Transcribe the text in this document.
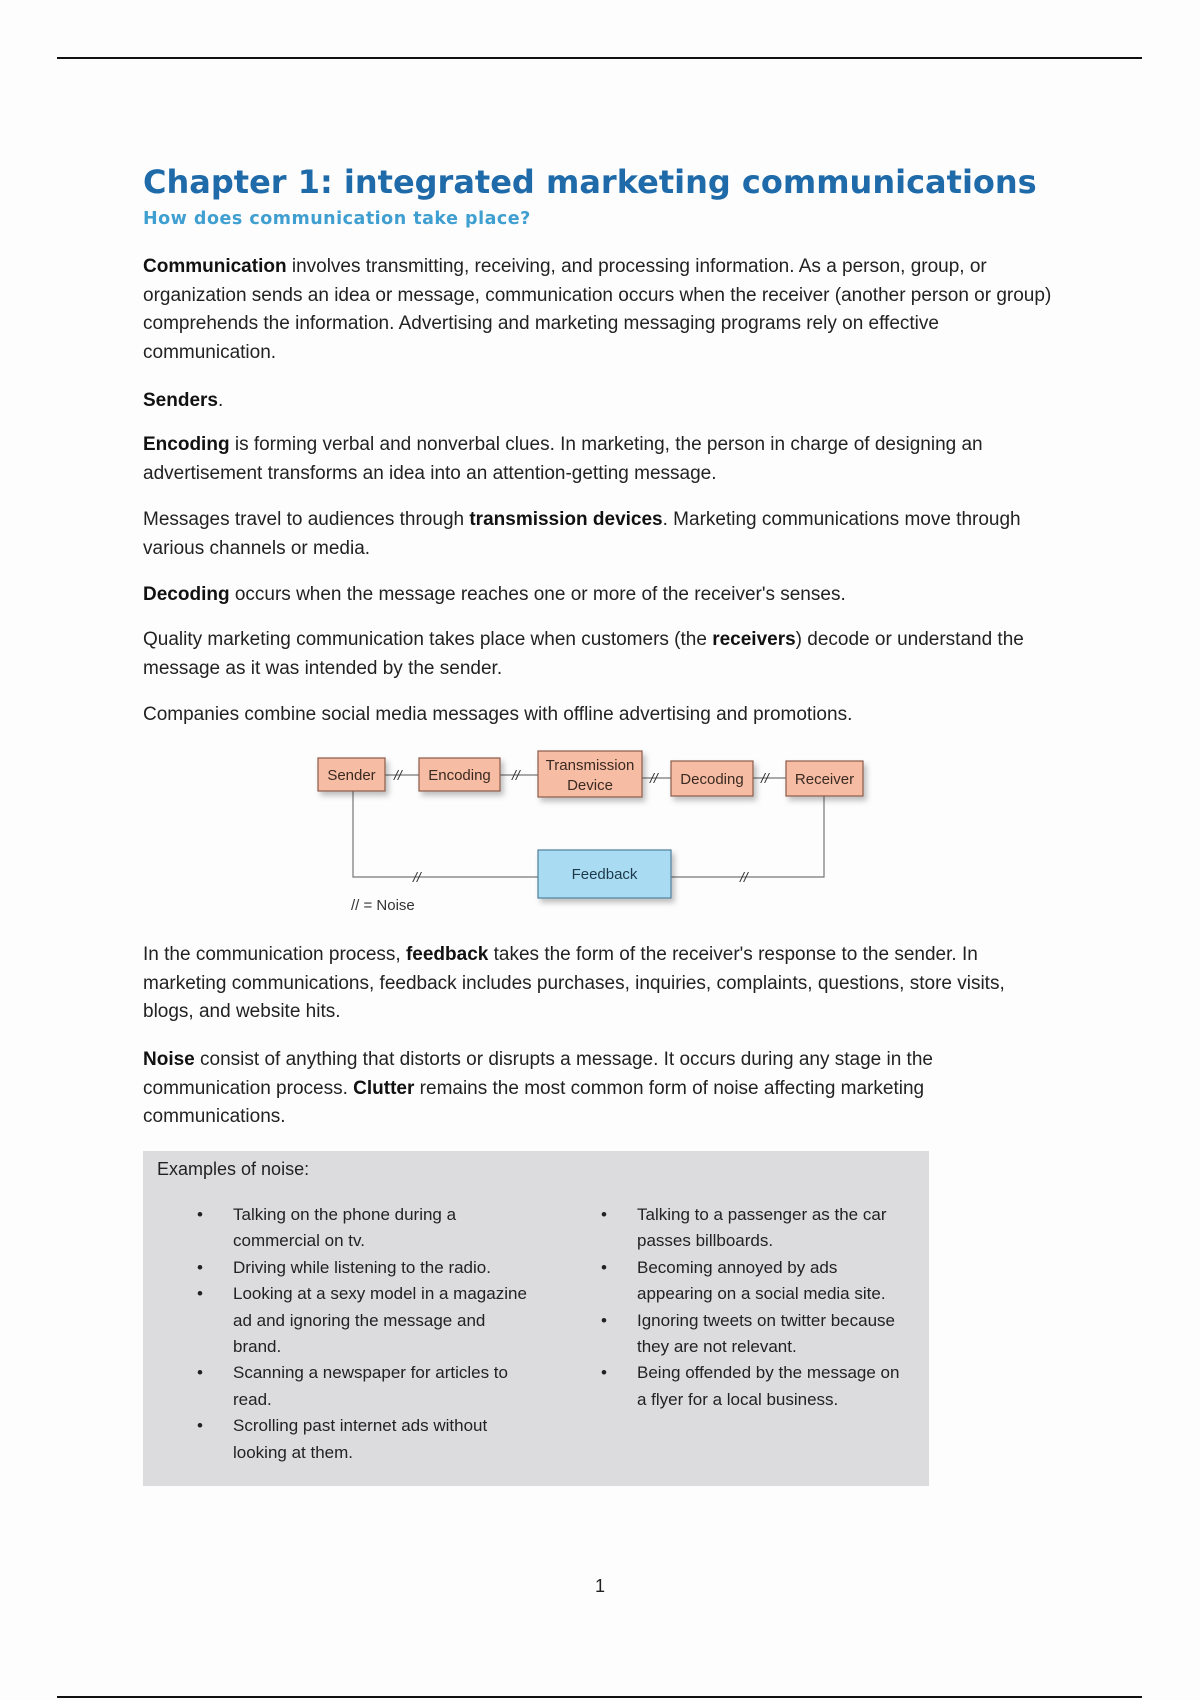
Chapter 1: integrated marketing communications
How does communication take place?

Communication involves transmitting, receiving, and processing information. As a person, group, or organization sends an idea or message, communication occurs when the receiver (another person or group) comprehends the information. Advertising and marketing messaging programs rely on effective communication.

Senders.

Encoding is forming verbal and nonverbal clues. In marketing, the person in charge of designing an advertisement transforms an idea into an attention-getting message.

Messages travel to audiences through transmission devices. Marketing communications move through various channels or media.

Decoding occurs when the message reaches one or more of the receiver's senses.

Quality marketing communication takes place when customers (the receivers) decode or understand the message as it was intended by the sender.

Companies combine social media messages with offline advertising and promotions.

//	//	//	//
//	//
Sender	Encoding
Transmission
Device	Decoding	Receiver
Feedback
// = Noise

In the communication process, feedback takes the form of the receiver's response to the sender. In marketing communications, feedback includes purchases, inquiries, complaints, questions, store visits, blogs, and website hits.

Noise consist of anything that distorts or disrupts a message. It occurs during any stage in the communication process. Clutter remains the most common form of noise affecting marketing communications.

Examples of noise:
• Talking on the phone during a commercial on tv.
• Driving while listening to the radio.
• Looking at a sexy model in a magazine ad and ignoring the message and brand.
• Scanning a newspaper for articles to read.
• Scrolling past internet ads without looking at them.
• Talking to a passenger as the car passes billboards.
• Becoming annoyed by ads appearing on a social media site.
• Ignoring tweets on twitter because they are not relevant.
• Being offended by the message on a flyer for a local business.
1
